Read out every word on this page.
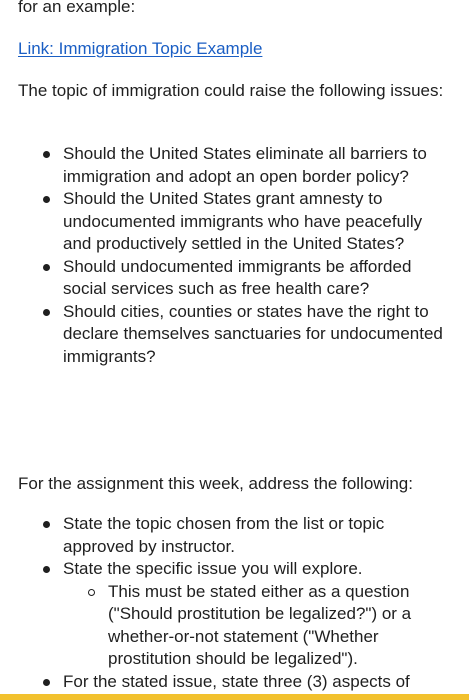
for an example:

Link: Immigration Topic Example

The topic of immigration could raise the following issues:

Should the United States eliminate all barriers to immigration and adopt an open border policy?
Should the United States grant amnesty to undocumented immigrants who have peacefully and productively settled in the United States?
Should undocumented immigrants be afforded social services such as free health care?
Should cities, counties or states have the right to declare themselves sanctuaries for undocumented immigrants?

For the assignment this week, address the following:

State the topic chosen from the list or topic approved by instructor.
State the specific issue you will explore.
This must be stated either as a question ("Should prostitution be legalized?") or a whether-or-not statement ("Whether prostitution should be legalized").
For the stated issue, state three (3) aspects of
